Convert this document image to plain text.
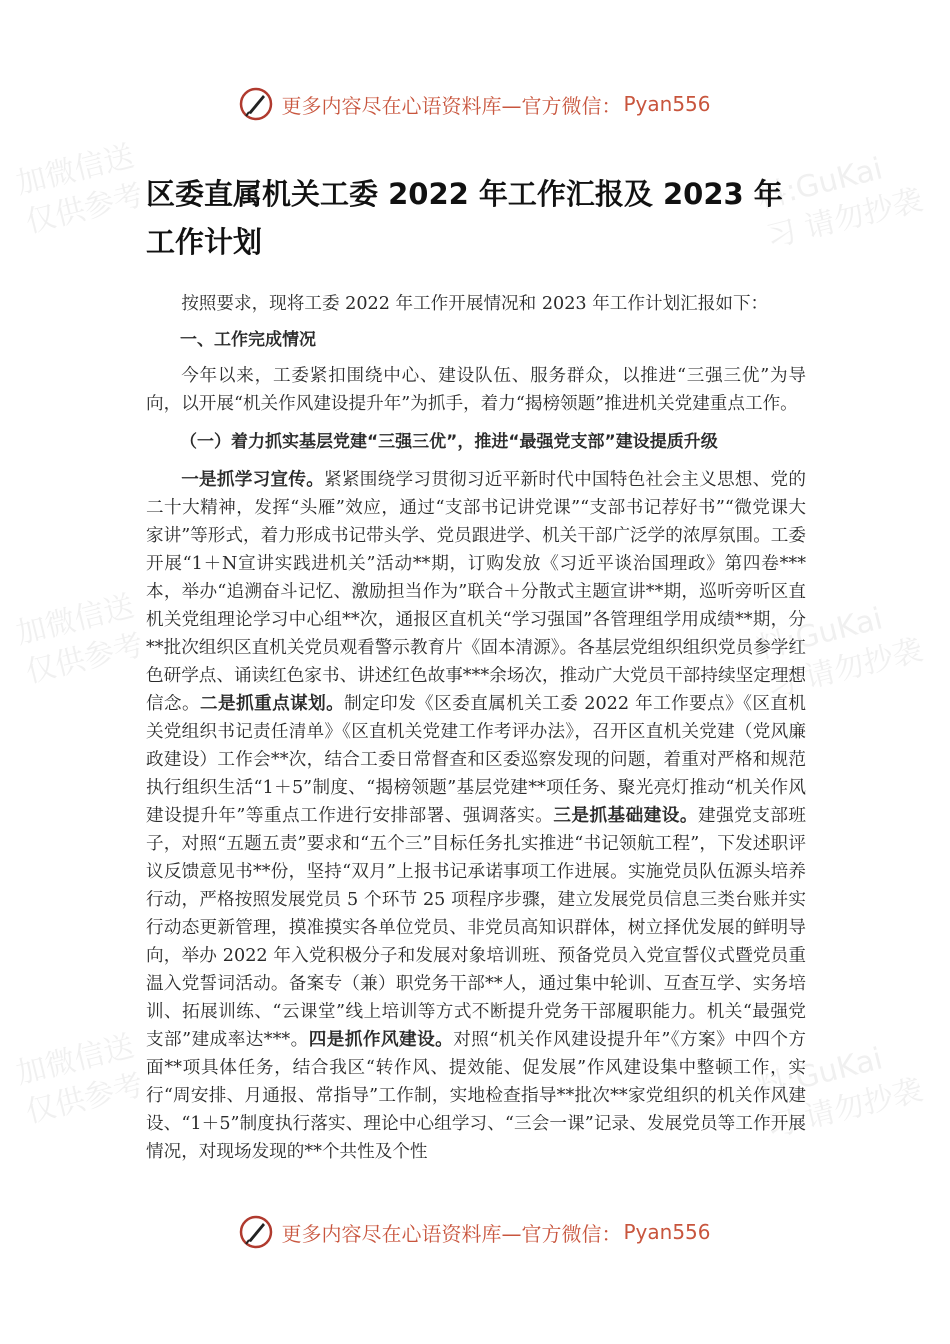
加微信送
仅供参考	料:GuKai
习 请勿抄袭
加微信送
仅供参考	料:GuKai
习 请勿抄袭
加微信送
仅供参考	料:GuKai
习 请勿抄袭
更多内容尽在心语资料库—官方微信： Pyan556
区委直属机关工委 2022 年工作汇报及 2023 年工作计划

按照要求，现将工委 2022 年工作开展情况和 2023 年工作计划汇报如下：

一、工作完成情况

今年以来，工委紧扣围绕中心、建设队伍、服务群众，以推进“三强三优”为导向，以开展“机关作风建设提升年”为抓手，着力“揭榜领题”推进机关党建重点工作。

（一）着力抓实基层党建“三强三优”，推进“最强党支部”建设提质升级

一是抓学习宣传。紧紧围绕学习贯彻习近平新时代中国特色社会主义思想、党的二十大精神，发挥“头雁”效应，通过“支部书记讲党课”“支部书记荐好书”“微党课大家讲”等形式，着力形成书记带头学、党员跟进学、机关干部广泛学的浓厚氛围。工委开展“1＋N宣讲实践进机关”活动**期，订购发放《习近平谈治国理政》第四卷***本，举办“追溯奋斗记忆、激励担当作为”联合＋分散式主题宣讲**期，巡听旁听区直机关党组理论学习中心组**次，通报区直机关“学习强国”各管理组学用成绩**期，分**批次组织区直机关党员观看警示教育片《固本清源》。各基层党组织组织党员参学红色研学点、诵读红色家书、讲述红色故事***余场次，推动广大党员干部持续坚定理想信念。二是抓重点谋划。制定印发《区委直属机关工委 2022 年工作要点》《区直机关党组织书记责任清单》《区直机关党建工作考评办法》，召开区直机关党建（党风廉政建设）工作会**次，结合工委日常督查和区委巡察发现的问题，着重对严格和规范执行组织生活“1＋5”制度、“揭榜领题”基层党建**项任务、聚光亮灯推动“机关作风建设提升年”等重点工作进行安排部署、强调落实。三是抓基础建设。建强党支部班子，对照“五题五责”要求和“五个三”目标任务扎实推进“书记领航工程”，下发述职评议反馈意见书**份，坚持“双月”上报书记承诺事项工作进展。实施党员队伍源头培养行动，严格按照发展党员 5 个环节 25 项程序步骤，建立发展党员信息三类台账并实行动态更新管理，摸准摸实各单位党员、非党员高知识群体，树立择优发展的鲜明导向，举办 2022 年入党积极分子和发展对象培训班、预备党员入党宣誓仪式暨党员重温入党誓词活动。备案专（兼）职党务干部**人，通过集中轮训、互查互学、实务培训、拓展训练、“云课堂”线上培训等方式不断提升党务干部履职能力。机关“最强党支部”建成率达***。四是抓作风建设。对照“机关作风建设提升年”《方案》中四个方面**项具体任务，结合我区“转作风、提效能、促发展”作风建设集中整顿工作，实行“周安排、月通报、常指导”工作制，实地检查指导**批次**家党组织的机关作风建设、“1＋5”制度执行落实、理论中心组学习、“三会一课”记录、发展党员等工作开展情况，对现场发现的**个共性及个性

更多内容尽在心语资料库—官方微信： Pyan556
